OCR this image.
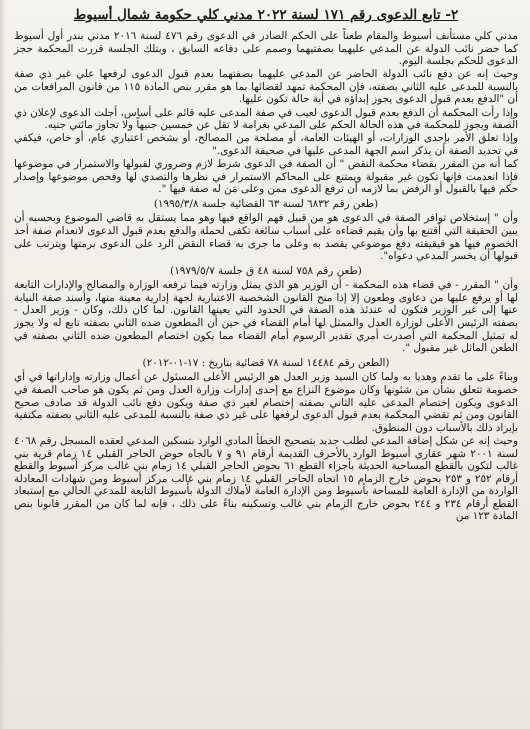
٢- تابع الدعوى رقم ١٧١ لسنة ٢٠٢٢ مدني كلي حكومة شمال أسيوط

مدني كلي مستأنف أسيوط والمقام طعناً على الحكم الصادر في الدعوى رقم ٤٧٦ لسنة ٢٠١٦ مدني بندر أول أسيوط كما حضر نائب الدولة عن المدعي عليهما بصفتيهما وصمم على دفاعه السابق ، وبتلك الجلسة قررت المحكمة حجز الدعوى للحكم بجلسة اليوم.

وحيث إنه عن دفع نائب الدولة الحاضر عن المدعي عليهما بصفتهما بعدم قبول الدعوى لرفعها علي غير ذي صفة بالنسبة للمدعى عليه الثاني بصفته، فإن المحكمة تمهد لقضائها بما هو مقرر بنص المادة ١١٥ من قانون المرافعات من أن "الدفع بعدم قبول الدعوى يجوز إبداؤه في أية حالة تكون عليها.

وإذا رأت المحكمة أن الدفع بعدم قبول الدعوى لعيب في صفة المدعى عليه قائم على أساس، أجلت الدعوى لإعلان ذي الصفة ويجوز للمحكمة في هذه الحالة الحكم على المدعي بغرامة لا تقل عن خمسين جنيهاً ولا تجاوز مائتي جنيه.

وإذا تعلق الأمر بإحدى الوزارات، أو الهيئات العامة، أو مصلحة من المصالح، أو بشخص اعتباري عام، أو خاص، فيكفي في تحديد الصفة أن يذكر اسم الجهة المدعى عليها في صحيفة الدعوى."

كما أنه من المقرر بقضاء محكمة النقض " أن الصفة في الدعوى شرط لازم وضروري لقبولها والاستمرار في موضوعها فإذا انعدمت فإنها تكون غير مقبولة ويمتنع على المحاكم الاستمرار في نظرها والتصدي لها وفحص موضوعها وإصدار حكم فيها بالقبول أو الرفض بما لازمه أن ترفع الدعوى ممن وعلى مَن له صفة فيها ".

(طعن رقم ٦٨٣٢ لسنة ٦٣ القضائية جلسة ١٩٩٥/٣/٨)

وأن " إستخلاص توافر الصفة في الدعوى هو من قبيل فهم الواقع فيها وهو مما يستقل به قاضي الموضوع وبحسبه أن يبين الحقيقة التي أقتنع بها وأن يقيم قضاءه على أسباب سائغة تكفى لحملة والدفع بعدم قبول الدعوى لانعدام صفة أحد الخصوم فيها هو قيقيقته دفع موضوعي يقصد به وعلى ما جرى به قضاء النقض الرد على الدعوى برمتها ويترتب على قبولها أن يخسر المدعي دعواه".

(طعن رقم ٧٥٨ لسنة ٤٨ ق جلسة ١٩٧٩/٥/٧)

وأن " المقرر - في قضاء هذه المحكمة - أن الوزير هو الذي يمثل وزارته فيما ترفعه الوزارة والمصالح والإدارات التابعة لها أو يرفع عليها من دعاوى وطعون إلا إذا منح القانون الشخصية الاعتبارية لجهة إدارية معينة منها، وأسند صفة النيابة عنها إلى غير الوزير فتكون له عندئذ هذه الصفة في الحدود التي يعينها القانون. لما كان ذلك، وكان - وزير العدل - بصفته الرئيس الأعلى لوزارة العدل والممثل لها أمام القضاء في حين أن المطعون ضده الثاني بصفته تابع له ولا يجوز له تمثيل المحكمة التي أصدرت أمري تقدير الرسوم أمام القضاء مما يكون اختصام المطعون ضده الثاني بصفته في الطعن الماثل غير مقبول ".

(الطعن رقم ١٤٤٨٤ لسنة ٧٨ قضائية بتاريخ : ١٧-٠١-٢٠١٢)

وبناءً على ما تقدم وهديا به ولما كان السيد وزير العدل هو الرئيس الأعلى المسئول عن أعمال وزارته وإداراتها في أي خصومة تتعلق بشأن من شئونها وكان موضوع النزاع مع إحدى إدارات وزارة العدل ومن ثم يكون هو صاحب الصفة في الدعوى ويكون إختصام المدعى عليه الثاني بصفته إختصام لغير ذي صفة ويكون دفع نائب الدولة قد صادف صحيح القانون ومن ثم تقضي المحكمة بعدم قبول الدعوى لرفعها على غير ذي صفة بالنسبة للمدعى عليه الثاني بصفته مكتفية بإيراد ذلك بالأسباب دون المنطوق.

وحيث إنه عن شكل إضافة المدعي لطلب جديد بتصحيح الخطأ المادي الوارد بتسكين المدعي لعقده المسجل رقم ٤٠٦٨ لسنة ٢٠٠١ شهر عقاري أسيوط الوارد بالأحرف القديمة أرقام ٩١ و ٧ بالجاه حوض الحاجر القبلي ١٤ زمام قرية بني غالب لتكون بالقطع المساحية الحديثة بأجزاء القطع ٦١ بحوض الحاجر القبلي ١٤ زمام بني غالب مركز أسيوط والقطع أرقام ٢٥٢ و ٢٥٣ بحوض خارج الزمام ١٥ اتجاه الحاجر القبلي ١٤ زمام بني غالب مركز أسيوط ومن شهادات المعادلة الواردة من الإدارة العامة للمساحة بأسيوط ومن الإدارة العامة لأملاك الدولة بأسيوط التابعة للمدعي الحالي مع إستبعاد القطع أرقام ٢٣٤ و ٢٤٤ بحوض خارج الزمام بني غالب وتسكينه بناءً على ذلك ، فإنه لما كان من المقرر قانونا بنص المادة ١٢٣ من
